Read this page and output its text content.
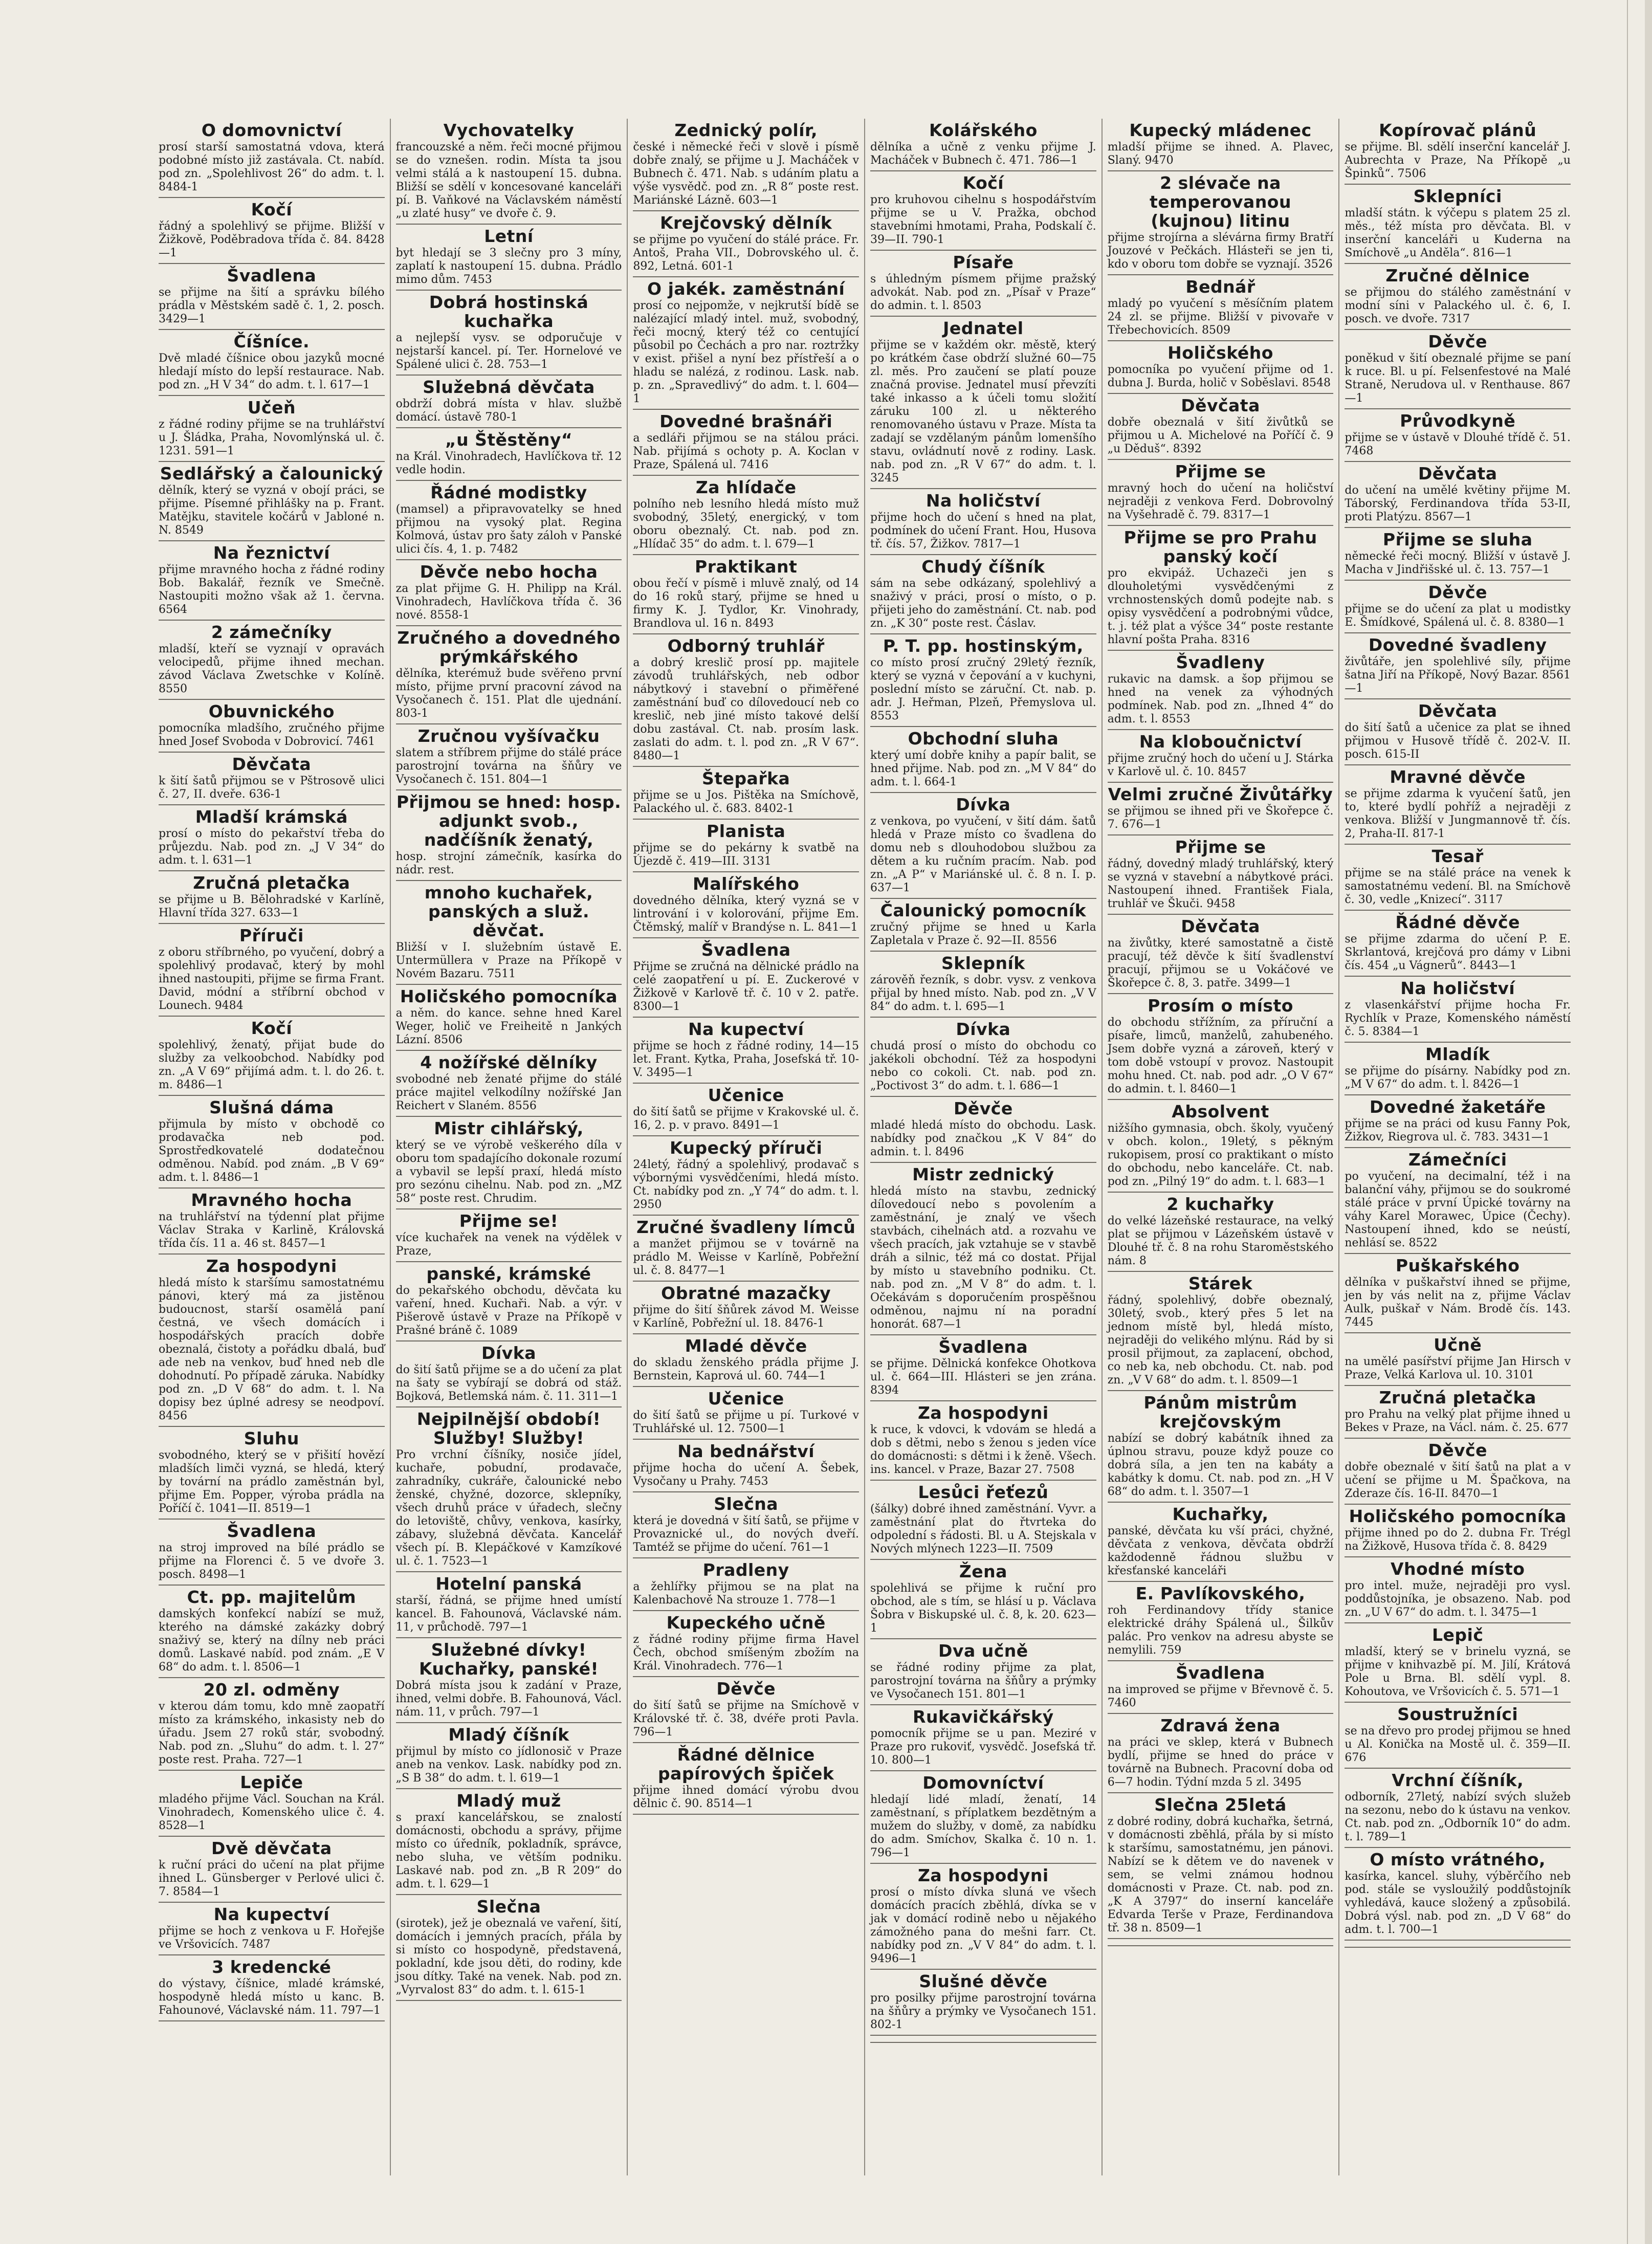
O domovnictví
prosí starší samostatná vdova, která podobné místo již zastávala. Ct. nabíd. pod zn. „Spolehlivost 26“ do adm. t. l. 8484-1
Kočí
řádný a spolehlivý se přijme. Bližší v Žižkově, Poděbradova třída č. 84. 8428—1
Švadlena
se přijme na šití a správku bílého prádla v Městském sadě č. 1, 2. posch. 3429—1
Číšníce.
Dvě mladé číšnice obou jazyků mocné hledají místo do lepší restaurace. Nab. pod zn. „H V 34“ do adm. t. l. 617—1
Učeň
z řádné rodiny přijme se na truhlářství u J. Šládka, Praha, Novomlýnská ul. č. 1231. 591—1
Sedlářský a čalounický
dělník, který se vyzná v obojí práci, se přijme. Písemné přihlášky na p. Frant. Matějku, stavitele kočárů v Jabloné n. N. 8549
Na řeznictví
přijme mravného hocha z řádné rodiny Bob. Bakalář, řezník ve Smečně. Nastoupiti možno však až 1. června. 6564
2 zámečníky
mladší, kteří se vyznají v opravách velocipedů, přijme ihned mechan. závod Václava Zwetschke v Kolíně. 8550
Obuvnického
pomocníka mladšího, zručného přijme hned Josef Svoboda v Dobrovicí. 7461
Děvčata
k šití šatů přijmou se v Pštrosově ulici č. 27, II. dveře. 636-1
Mladší krámská
prosí o místo do pekařství třeba do průjezdu. Nab. pod zn. „J V 34“ do adm. t. l. 631—1
Zručná pletačka
se přijme u B. Bělohradské v Karlíně, Hlavní třída 327. 633—1
Příruči
z oboru stříbrného, po vyučení, dobrý a spolehlivý prodavač, který by mohl ihned nastoupiti, přijme se firma Frant. David, módní a stříbrní obchod v Lounech. 9484
Kočí
spolehlivý, ženatý, přijat bude do služby za velkoobchod. Nabídky pod zn. „A V 69“ přijímá adm. t. l. do 26. t. m. 8486—1
Slušná dáma
přijmula by místo v obchodě co prodavačka neb pod. Sprostředkovatelé dodatečnou odměnou. Nabíd. pod znám. „B V 69“ adm. t. l. 8486—1
Mravného hocha
na truhlářství na týdenní plat přijme Václav Straka v Karlině, Královská třída čís. 11 a. 46 st. 8457—1
Za hospodyni
hledá místo k staršímu samostatnému pánovi, který má za jistěnou budoucnost, starší osamělá paní čestná, ve všech domácích i hospodářských pracích dobře obeznalá, čistoty a pořádku dbalá, buď ade neb na venkov, buď hned neb dle dohodnutí. Po případě záruka. Nabídky pod zn. „D V 68“ do adm. t. l. Na dopisy bez úplné adresy se neodpoví. 8456
Sluhu
svobodného, který se v přišití hovězí mladších limči vyzná, se hledá, který by tovární na prádlo zaměstnán byl, přijme Em. Popper, výroba prádla na Poříčí č. 1041—II. 8519—1
Švadlena
na stroj improved na bílé prádlo se přijme na Florenci č. 5 ve dvoře 3. posch. 8498—1
Ct. pp. majitelům
damských konfekcí nabízí se muž, kterého na dámské zakázky dobrý snaživý se, který na dílny neb práci domů. Laskavé nabíd. pod znám. „E V 68“ do adm. t. l. 8506—1
20 zl. odměny
v kterou dám tomu, kdo mně zaopatří místo za krámského, inkasisty neb do úřadu. Jsem 27 roků stár, svobodný. Nab. pod zn. „Sluhu“ do adm. t. l. 27“ poste rest. Praha. 727—1
Lepiče
mladého přijme Václ. Souchan na Král. Vinohradech, Komenského ulice č. 4. 8528—1
Dvě děvčata
k ruční práci do učení na plat přijme ihned L. Günsberger v Perlové ulici č. 7. 8584—1
Na kupectví
přijme se hoch z venkova u F. Hořejše ve Vršovicích. 7487
3 kredencké
do výstavy, číšnice, mladé krámské, hospodyně hledá místo u kanc. B. Fahounové, Václavské nám. 11. 797—1
Vychovatelky
francouzské a něm. řeči mocné přijmou se do vznešen. rodin. Místa ta jsou velmi stálá a k nastoupení 15. dubna. Bližší se sdělí v koncesované kanceláři pí. B. Vaňkové na Václavském náměstí „u zlaté husy“ ve dvoře č. 9.
Letní
byt hledají se 3 slečny pro 3 míny, zaplatí k nastoupení 15. dubna. Prádlo mimo dům. 7453
Dobrá hostinská kuchařka
a nejlepší vysv. se odporučuje v nejstarší kancel. pí. Ter. Hornelové ve Spálené ulici č. 28. 753—1
Služebná děvčata
obdrží dobrá místa v hlav. službě domácí. ústavě 780-1
„u Štěstěny“
na Král. Vinohradech, Havlíčkova tř. 12 vedle hodin.
Řádné modistky
(mamsel) a připravovatelky se hned přijmou na vysoký plat. Regina Kolmová, ústav pro šaty záloh v Panské ulici čís. 4, 1. p. 7482
Děvče nebo hocha
za plat přijme G. H. Philipp na Král. Vinohradech, Havlíčkova třída č. 36 nové. 8558-1
Zručného a dovedného prýmkářského
dělníka, kterémuž bude svěřeno první místo, přijme první pracovní závod na Vysočanech č. 151. Plat dle ujednání. 803-1
Zručnou vyšívačku
slatem a stříbrem přijme do stálé práce parostrojní továrna na šňůry ve Vysočanech č. 151. 804—1
Přijmou se hned: hosp. adjunkt svob., nadčíšník ženatý,
hosp. strojní zámečník, kasírka do nádr. rest.
mnoho kuchařek, panských a služ. děvčat.
Bližší v I. služebním ústavě E. Untermüllera v Praze na Příkopě v Novém Bazaru. 7511
Holičského pomocníka
a něm. do kance. sehne hned Karel Weger, holič ve Freiheitě n Jankých Lázní. 8506
4 nožířské dělníky
svobodné neb ženaté přijme do stálé práce majitel velkodílny nožířské Jan Reichert v Slaném. 8556
Mistr cihlářský,
který se ve výrobě veškerého díla v oboru tom spadajícího dokonale rozumí a vybavil se lepší praxí, hledá místo pro sezónu cihelnu. Nab. pod zn. „MZ 58“ poste rest. Chrudim.
Přijme se!
více kuchařek na venek na výdělek v Praze,
panské, krámské
do pekařského obchodu, děvčata ku vaření, hned. Kuchaři. Nab. a výr. v Pišerově ústavě v Praze na Příkopě v Prašné bráně č. 1089
Dívka
do šití šatů přijme se a do učení za plat na šaty se vybírají se dobrá od stáž. Bojková, Betlemská nám. č. 11. 311—1
Nejpilnější období! Služby! Služby!
Pro vrchní číšníky, nosiče jídel, kuchaře, pobudní, prodavače, zahradníky, cukráře, čalounické nebo ženské, chyžné, dozorce, sklepníky, všech druhů práce v úřadech, slečny do letoviště, chůvy, venkova, kasírky, zábavy, služebná děvčata. Kancelář všech pí. B. Klepáčkové v Kamzíkové ul. č. 1. 7523—1
Hotelní panská
starší, řádná, se přijme hned umístí kancel. B. Fahounová, Václavské nám. 11, v průchodě. 797—1
Služebné dívky! Kuchařky, panské!
Dobrá místa jsou k zadání v Praze, ihned, velmi dobře. B. Fahounová, Václ. nám. 11, v průch. 797—1
Mladý číšník
přijmul by místo co jídlonosič v Praze aneb na venkov. Lask. nabídky pod zn. „S B 38“ do adm. t. l. 619—1
Mladý muž
s praxí kancelářskou, se znalostí domácnosti, obchodu a správy, přijme místo co úředník, pokladník, správce, nebo sluha, ve větším podniku. Laskavé nab. pod zn. „B R 209“ do adm. t. l. 629—1
Slečna
(sirotek), jež je obeznalá ve vaření, šití, domácích i jemných pracích, přála by si místo co hospodyně, představená, pokladní, kde jsou děti, do rodiny, kde jsou dítky. Také na venek. Nab. pod zn. „Vyrvalost 83“ do adm. t. l. 615-1
Zednický polír,
české i německé řeči v slově i písmě dobře znalý, se přijme u J. Macháček v Bubnech č. 471. Nab. s udáním platu a výše vysvědč. pod zn. „R 8“ poste rest. Mariánské Lázně. 603—1
Krejčovský dělník
se přijme po vyučení do stálé práce. Fr. Antoš, Praha VII., Dobrovského ul. č. 892, Letná. 601-1
O jakék. zaměstnání
prosí co nejpomže, v nejkrutší bídě se nalézající mladý intel. muž, svobodný, řeči mocný, který též co centující působil po Čechách a pro nar. roztržky v exist. přišel a nyní bez přístřeší a o hladu se nalézá, z rodinou. Lask. nab. p. zn. „Spravedlivý“ do adm. t. l. 604—1
Dovedné brašnáři
a sedláři přijmou se na stálou práci. Nab. přijímá s ochoty p. A. Koclan v Praze, Spálená ul. 7416
Za hlídače
polního neb lesního hledá místo muž svobodný, 35letý, energický, v tom oboru obeznalý. Ct. nab. pod zn. „Hlídač 35“ do adm. t. l. 679—1
Praktikant
obou řečí v písmě i mluvě znalý, od 14 do 16 roků starý, přijme se hned u firmy K. J. Tydlor, Kr. Vinohrady, Brandlova ul. 16 n. 8493
Odborný truhlář
a dobrý kreslič prosí pp. majitele závodů truhlářských, neb odbor nábytkový i stavební o přiměřené zaměstnání buď co dílovedoucí neb co kreslič, neb jiné místo takové delší dobu zastával. Ct. nab. prosím lask. zaslati do adm. t. l. pod zn. „R V 67“. 8480—1
Štepařka
přijme se u Jos. Pištěka na Smíchově, Palackého ul. č. 683. 8402-1
Planista
přijme se do pekárny k svatbě na Újezdě č. 419—III. 3131
Malířského
dovedného dělníka, který vyzná se v lintrování i v kolorování, přijme Em. Čtěmský, malíř v Brandýse n. L. 841—1
Švadlena
Přijme se zručná na dělnické prádlo na celé zaopatření u pí. E. Zuckerové v Žižkově v Karlově tř. č. 10 v 2. patře. 8300—1
Na kupectví
přijme se hoch z řádné rodiny, 14—15 let. Frant. Kytka, Praha, Josefská tř. 10-V. 3495—1
Učenice
do šití šatů se přijme v Krakovské ul. č. 16, 2. p. v pravo. 8491—1
Kupecký příruči
24letý, řádný a spolehlivý, prodavač s výbornými vysvědčeními, hledá místo. Ct. nabídky pod zn. „Y 74“ do adm. t. l. 2950
Zručné švadleny límců
a manžet přijmou se v továrně na prádlo M. Weisse v Karlíně, Pobřežní ul. č. 8. 8477—1
Obratné mazačky
přijme do šití šňůrek závod M. Weisse v Karlíně, Pobřežní ul. 18. 8476-1
Mladé děvče
do skladu ženského prádla přijme J. Bernstein, Kaprová ul. 60. 744—1
Učenice
do šití šatů se přijme u pí. Turkové v Truhlářské ul. 12. 7500—1
Na bednářství
přijme hocha do učení A. Šebek, Vysočany u Prahy. 7453
Slečna
která je dovedná v šití šatů, se přijme v Provaznické ul., do nových dveří. Tamtéž se přijme do učení. 761—1
Pradleny
a žehlířky přijmou se na plat na Kalenbachově Na strouze 1. 778—1
Kupeckého učně
z řádné rodiny přijme firma Havel Čech, obchod smíšeným zbožím na Král. Vinohradech. 776—1
Děvče
do šití šatů se přijme na Smíchově v Královské tř. č. 38, dvéře proti Pavla. 796—1
Řádné dělnice papírových špiček
přijme ihned domácí výrobu dvou dělnic č. 90. 8514—1
Kolářského
dělníka a učně z venku přijme J. Macháček v Bubnech č. 471. 786—1
Kočí
pro kruhovou cihelnu s hospodářstvím přijme se u V. Pražka, obchod stavebními hmotami, Praha, Podskalí č. 39—II. 790-1
Písaře
s úhledným písmem přijme pražský advokát. Nab. pod zn. „Písař v Praze“ do admin. t. l. 8503
Jednatel
přijme se v každém okr. městě, který po krátkém čase obdrží služné 60—75 zl. měs. Pro zaučení se platí pouze značná provise. Jednatel musí převzíti také inkasso a k účeli tomu složití záruku 100 zl. u některého renomovaného ústavu v Praze. Místa ta zadají se vzdělaným pánům lomenšího stavu, ovládnutí nově z rodiny. Lask. nab. pod zn. „R V 67“ do adm. t. l. 3245
Na holičství
přijme hoch do učení s hned na plat, podmínek do učení Frant. Hou, Husova tř. čís. 57, Žižkov. 7817—1
Chudý číšník
sám na sebe odkázaný, spolehlivý a snaživý v práci, prosí o místo, o p. přijeti jeho do zaměstnání. Ct. nab. pod zn. „K 30“ poste rest. Čáslav.
P. T. pp. hostinským,
co místo prosí zručný 29letý řezník, který se vyzná v čepování a v kuchyni, poslední místo se záruční. Ct. nab. p. adr. J. Heřman, Plzeň, Přemyslova ul. 8553
Obchodní sluha
který umí dobře knihy a papír balit, se hned přijme. Nab. pod zn. „M V 84“ do adm. t. l. 664-1
Dívka
z venkova, po vyučení, v šití dám. šatů hledá v Praze místo co švadlena do domu neb s dlouhodobou službou za dětem a ku ručním pracím. Nab. pod zn. „A P“ v Mariánské ul. č. 8 n. I. p. 637—1
Čalounický pomocník
zručný přijme se hned u Karla Zapletala v Praze č. 92—II. 8556
Sklepník
zárověň řezník, s dobr. vysv. z venkova přijal by hned místo. Nab. pod zn. „V V 84“ do adm. t. l. 695—1
Dívka
chudá prosí o místo do obchodu co jakékoli obchodní. Též za hospodyni nebo co cokoli. Ct. nab. pod zn. „Poctivost 3“ do adm. t. l. 686—1
Děvče
mladé hledá místo do obchodu. Lask. nabídky pod značkou „K V 84“ do admin. t. l. 8496
Mistr zednický
hledá místo na stavbu, zednický dílovedoucí nebo s povolením a zaměstnání, je znalý ve všech stavbách, cihelnách atd. a rozvahu ve všech pracích, jak vztahuje se v stavbě dráh a silnic, též má co dostat. Přijal by místo u stavebního podniku. Ct. nab. pod zn. „M V 8“ do adm. t. l. Očekávám s doporučením prospěšnou odměnou, najmu ní na poradní honorát. 687—1
Švadlena
se přijme. Dělnická konfekce Ohotkova ul. č. 664—III. Hlásteri se jen zrána. 8394
Za hospodyni
k ruce, k vdovci, k vdovám se hledá a dob s dětmi, nebo s ženou s jeden více do domácnosti: s dětmi i k ženě. Všech. ins. kancel. v Praze, Bazar 27. 7508
Lesůci řeťezů
(šálky) dobré ihned zaměstnání. Vyvr. a zaměstnání plat do řtvrteka do odpolední s řádosti. Bl. u A. Stejskala v Nových mlýnech 1223—II. 7509
Žena
spolehlivá se přijme k ruční pro obchod, ale s tím, se hlásí u p. Václava Šobra v Biskupské ul. č. 8, k. 20. 623—1
Dva učně
se řádné rodiny přijme za plat, parostrojní továrna na šňůry a prýmky ve Vysočanech 151. 801—1
Rukavičkářský
pomocník přijme se u pan. Meziré v Praze pro rukoviť, vysvědč. Josefská tř. 10. 800—1
Domovníctví
hledají lidé mladí, ženatí, 14 zaměstnaní, s příplatkem bezdětným a mužem do služby, v domě, za nabídku do adm. Smíchov, Skalka č. 10 n. 1. 796—1
Za hospodyni
prosí o místo dívka sluná ve všech domácích pracích zběhlá, dívka se v jak v domácí rodině nebo u nějakého zámožného pana do mešni farr. Ct. nabídky pod zn. „V V 84“ do adm. t. l. 9496—1
Slušné děvče
pro posilky přijme parostrojní továrna na šňůry a prýmky ve Vysočanech 151. 802-1
Kupecký mládenec
mladší přijme se ihned. A. Plavec, Slaný. 9470
2 slévače na temperovanou (kujnou) litinu
přijme strojírna a slévárna firmy Bratří Jouzové v Pečkách. Hlásteři se jen ti, kdo v oboru tom dobře se vyznají. 3526
Bednář
mladý po vyučení s měsíčním platem 24 zl. se přijme. Bližší v pivovaře v Třebechovicích. 8509
Holičského
pomocníka po vyučení přijme od 1. dubna J. Burda, holič v Soběslavi. 8548
Děvčata
dobře obeznalá v šití živůtků se přijmou u A. Michelové na Poříčí č. 9 „u Děduš“. 8392
Přijme se
mravný hoch do učení na holičství nejraději z venkova Ferd. Dobrovolný na Vyšehradě č. 79. 8317—1
Přijme se pro Prahu panský kočí
pro ekvipáž. Uchazeči jen s dlouholetými vysvědčenými z vrchnostenských domů podejte nab. s opisy vysvědčení a podrobnými vůdce, t. j. též plat a výšce 34“ poste restante hlavní pošta Praha. 8316
Švadleny
rukavic na damsk. a šop přijmou se hned na venek za výhodných podmínek. Nab. pod zn. „Ihned 4“ do adm. t. l. 8553
Na kloboučnictví
přijme zručný hoch do učení u J. Stárka v Karlově ul. č. 10. 8457
Velmi zručné Živůtářky
se přijmou se ihned při ve Škořepce č. 7. 676—1
Přijme se
řádný, dovedný mladý truhlářský, který se vyzná v stavební a nábytkové práci. Nastoupení ihned. František Fiala, truhlář ve Škuči. 9458
Děvčata
na živůtky, které samostatně a čistě pracují, též děvče k šití švadlenství pracují, přijmou se u Vokáčové ve Škořepce č. 8, 3. patře. 3499—1
Prosím o místo
do obchodu střížním, za příruční a písaře, limců, manželů, zahubeného. Jsem dobře vyzná a zároveň, který v tom době vstoupí v provoz. Nastoupit mohu hned. Ct. nab. pod adr. „O V 67“ do admin. t. l. 8460—1
Absolvent
nižšího gymnasia, obch. školy, vyučený v obch. kolon., 19letý, s pěkným rukopisem, prosí co praktikant o místo do obchodu, nebo kanceláře. Ct. nab. pod zn. „Pilný 19“ do adm. t. l. 683—1
2 kuchařky
do velké lázeňské restaurace, na velký plat se přijmou v Lázeňském ústavě v Dlouhé tř. č. 8 na rohu Staroměstského nám. 8
Stárek
řádný, spolehlivý, dobře obeznalý, 30letý, svob., který přes 5 let na jednom místě byl, hledá místo, nejraději do velikého mlýnu. Rád by si prosil přijmout, za zaplacení, obchod, co neb ka, neb obchodu. Ct. nab. pod zn. „V V 68“ do adm. t. l. 8509—1
Pánům mistrům krejčovským
nabízí se dobrý kabátník ihned za úplnou stravu, pouze když pouze co dobrá síla, a jen ten na kabáty a kabátky k domu. Ct. nab. pod zn. „H V 68“ do adm. t. l. 3507—1
Kuchařky,
panské, děvčata ku vší práci, chyžné, děvčata z venkova, děvčata obdrží každodenně řádnou službu v křesťanské kanceláři
E. Pavlíkovského,
roh Ferdinandovy třídy stanice elektrické dráhy Spálená ul., Šilkův palác. Pro venkov na adresu abyste se nemylili. 759
Švadlena
na improved se přijme v Břevnově č. 5. 7460
Zdravá žena
na práci ve sklep, která v Bubnech bydlí, přijme se hned do práce v továrně na Bubnech. Pracovní doba od 6—7 hodin. Týdní mzda 5 zl. 3495
Slečna 25letá
z dobré rodiny, dobrá kuchařka, šetrná, v domácnosti zběhlá, přála by si místo k staršímu, samostatnému, jen pánovi. Nabízí se k dětem ve do navenek v sem, se velmi známou hodnou domácnosti v Praze. Ct. nab. pod zn. „K A 3797“ do inserní kanceláře Edvarda Terše v Praze, Ferdinandova tř. 38 n. 8509—1
Kopírovač plánů
se přijme. Bl. sdělí inserční kancelář J. Aubrechta v Praze, Na Příkopě „u Špinků“. 7506
Sklepníci
mladší státn. k výčepu s platem 25 zl. měs., též místa pro děvčata. Bl. v inserční kanceláři u Kuderna na Smíchově „u Anděla“. 816—1
Zručné dělnice
se přijmou do stálého zaměstnání v modní síni v Palackého ul. č. 6, I. posch. ve dvoře. 7317
Děvče
poněkud v šití obeznalé přijme se paní k ruce. Bl. u pí. Felsenfestové na Malé Straně, Nerudova ul. v Renthause. 867—1
Průvodkyně
přijme se v ústavě v Dlouhé třídě č. 51. 7468
Děvčata
do učení na umělé květiny přijme M. Táborský, Ferdinandova třída 53-II, proti Platýzu. 8567—1
Přijme se sluha
německé řeči mocný. Bližší v ústavě J. Macha v Jindřišské ul. č. 13. 757—1
Děvče
přijme se do učení za plat u modistky E. Šmídkové, Spálená ul. č. 8. 8380—1
Dovedné švadleny
živůtáře, jen spolehlivé síly, přijme šatna Jiří na Příkopě, Nový Bazar. 8561—1
Děvčata
do šití šatů a učenice za plat se ihned přijmou v Husově třídě č. 202-V. II. posch. 615-II
Mravné děvče
se přijme zdarma k vyučení šatů, jen to, které bydlí pohříž a nejraději z venkova. Bližší v Jungmannově tř. čís. 2, Praha-II. 817-1
Tesař
přijme se na stálé práce na venek k samostatnému vedení. Bl. na Smíchově č. 30, vedle „Knizecí“. 3117
Řádné děvče
se přijme zdarma do učení P. E. Skrlantová, krejčová pro dámy v Libni čís. 454 „u Vágnerů“. 8443—1
Na holičství
z vlasenkářství přijme hocha Fr. Rychlík v Praze, Komenského náměstí č. 5. 8384—1
Mladík
se přijme do písárny. Nabídky pod zn. „M V 67“ do adm. t. l. 8426—1
Dovedné žaketáře
přijme se na práci od kusu Fanny Pok, Žižkov, Riegrova ul. č. 783. 3431—1
Zámečníci
po vyučení, na decimalní, též i na balanční váhy, přijmou se do soukromé stálé práce v první Úpické továrny na váhy Karel Morawec, Úpice (Čechy). Nastoupení ihned, kdo se neústí, nehlásí se. 8522
Puškařského
dělníka v puškařství ihned se přijme, jen by vás nelit na z, přijme Václav Aulk, puškař v Nám. Brodě čís. 143. 7445
Učně
na umělé pasířství přijme Jan Hirsch v Praze, Velká Karlova ul. 10. 3101
Zručná pletačka
pro Prahu na velký plat přijme ihned u Bekes v Praze, na Václ. nám. č. 25. 677
Děvče
dobře obeznalé v šití šatů na plat a v učení se přijme u M. Špačkova, na Zderaze čís. 16-II. 8470—1
Holičského pomocníka
přijme ihned po do 2. dubna Fr. Trégl na Žižkově, Husova třída č. 8. 8429
Vhodné místo
pro intel. muže, nejraději pro vysl. poddůstojníka, je obsazeno. Nab. pod zn. „U V 67“ do adm. t. l. 3475—1
Lepič
mladší, který se v brinelu vyzná, se přijme v knihvazbě pí. M. Jilí, Krátová Pole u Brna. Bl. sdělí vypl. 8. Kohoutova, ve Vršovicích č. 5. 571—1
Soustružníci
se na dřevo pro prodej přijmou se hned u Al. Konička na Mostě ul. č. 359—II. 676
Vrchní číšník,
odborník, 27letý, nabízí svých služeb na sezonu, nebo do k ústavu na venkov. Ct. nab. pod zn. „Odborník 10“ do adm. t. l. 789—1
O místo vrátného,
kasírka, kancel. sluhy, výběrčího neb pod. stále se vysloužilý poddůstojník vyhledává, kauce složený a způsobilá. Dobrá výsl. nab. pod zn. „D V 68“ do adm. t. l. 700—1
